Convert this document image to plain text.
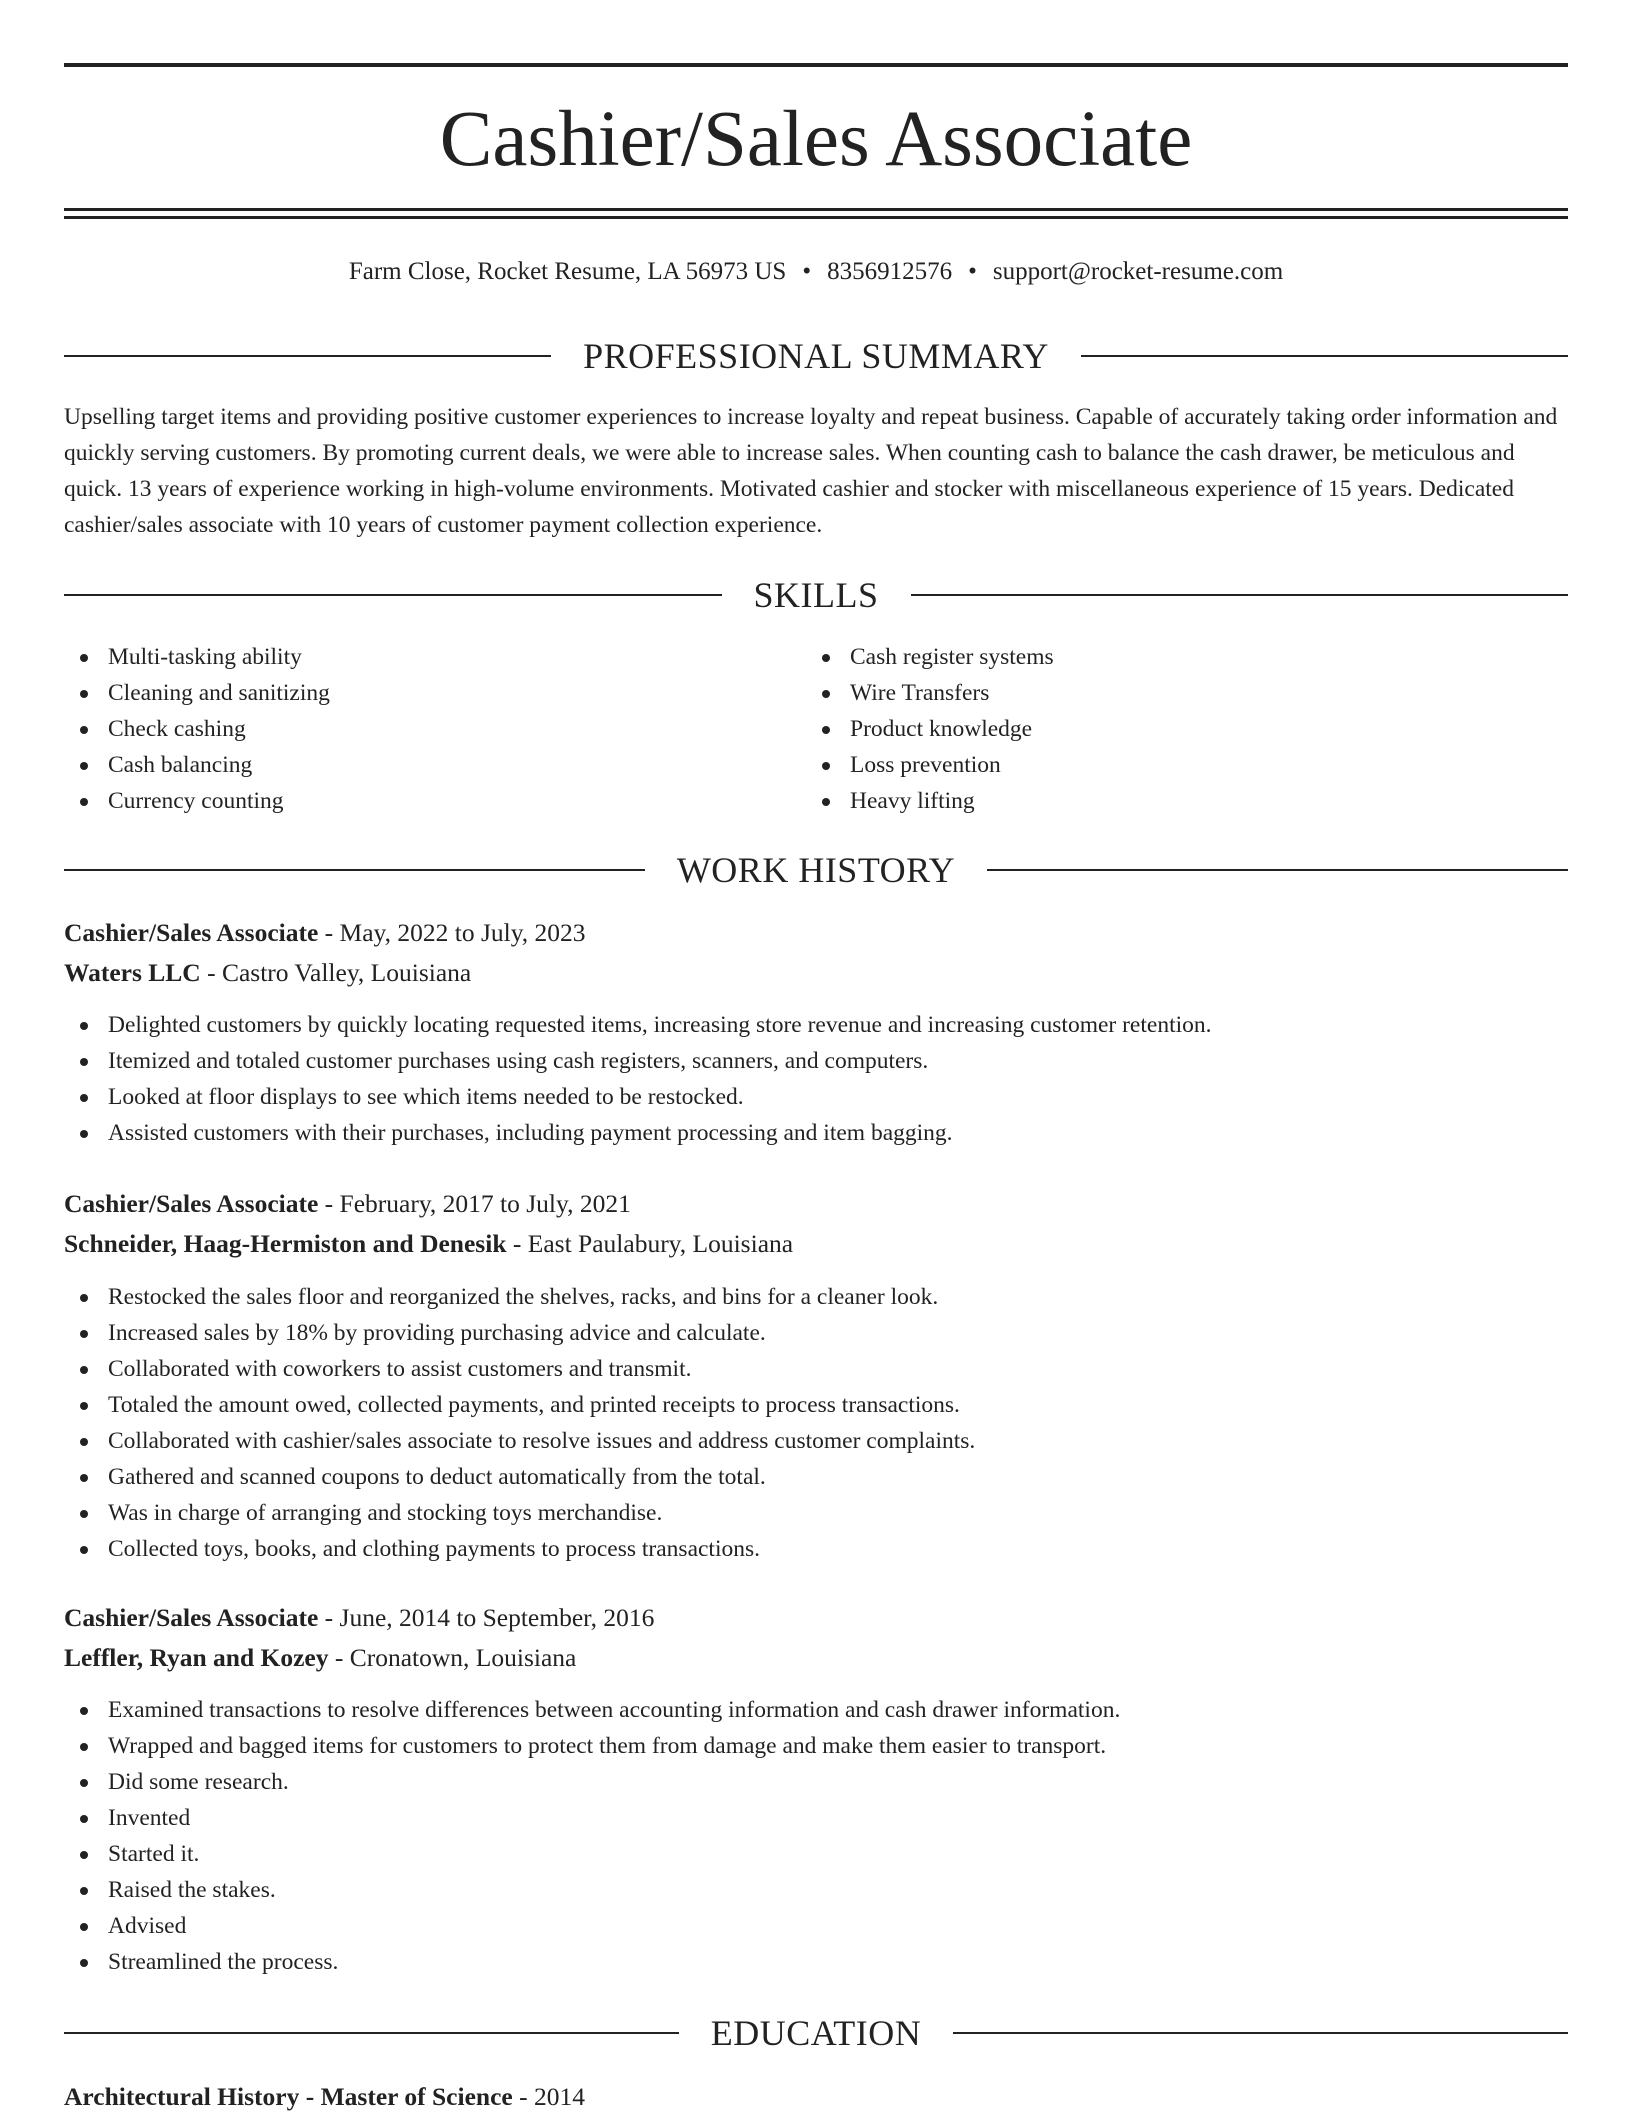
Cashier/Sales Associate
Farm Close, Rocket Resume, LA 56973 US • 8356912576 • support@rocket-resume.com
PROFESSIONAL SUMMARY

Upselling target items and providing positive customer experiences to increase loyalty and repeat business. Capable of accurately taking order information and quickly serving customers. By promoting current deals, we were able to increase sales. When counting cash to balance the cash drawer, be meticulous and quick. 13 years of experience working in high-volume environments. Motivated cashier and stocker with miscellaneous experience of 15 years. Dedicated cashier/sales associate with 10 years of customer payment collection experience.

SKILLS
Multi-tasking ability
Cleaning and sanitizing
Check cashing
Cash balancing
Currency counting
Cash register systems
Wire Transfers
Product knowledge
Loss prevention
Heavy lifting
WORK HISTORY
Cashier/Sales Associate - May, 2022 to July, 2023
Waters LLC - Castro Valley, Louisiana
Delighted customers by quickly locating requested items, increasing store revenue and increasing customer retention.
Itemized and totaled customer purchases using cash registers, scanners, and computers.
Looked at floor displays to see which items needed to be restocked.
Assisted customers with their purchases, including payment processing and item bagging.
Cashier/Sales Associate - February, 2017 to July, 2021
Schneider, Haag-Hermiston and Denesik - East Paulabury, Louisiana
Restocked the sales floor and reorganized the shelves, racks, and bins for a cleaner look.
Increased sales by 18% by providing purchasing advice and calculate.
Collaborated with coworkers to assist customers and transmit.
Totaled the amount owed, collected payments, and printed receipts to process transactions.
Collaborated with cashier/sales associate to resolve issues and address customer complaints.
Gathered and scanned coupons to deduct automatically from the total.
Was in charge of arranging and stocking toys merchandise.
Collected toys, books, and clothing payments to process transactions.
Cashier/Sales Associate - June, 2014 to September, 2016
Leffler, Ryan and Kozey - Cronatown, Louisiana
Examined transactions to resolve differences between accounting information and cash drawer information.
Wrapped and bagged items for customers to protect them from damage and make them easier to transport.
Did some research.
Invented
Started it.
Raised the stakes.
Advised
Streamlined the process.
EDUCATION
Architectural History - Master of Science - 2014
